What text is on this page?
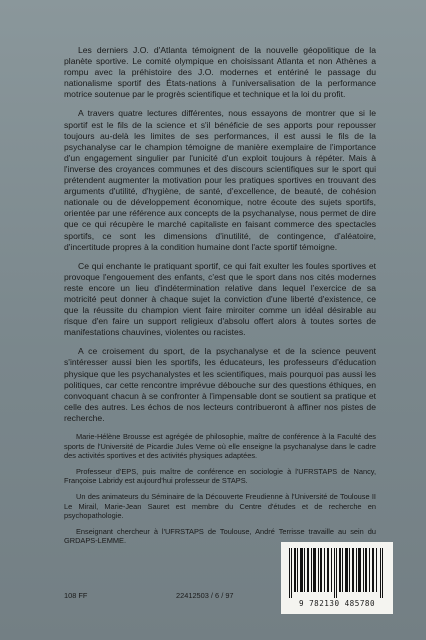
Les derniers J.O. d'Atlanta témoignent de la nouvelle géopolitique de la planète sportive. Le comité olympique en choisissant Atlanta et non Athènes a rompu avec la préhistoire des J.O. modernes et entériné le passage du nationalisme sportif des États-nations à l'universalisation de la performance motrice soutenue par le progrès scientifique et technique et la loi du profit.

A travers quatre lectures différentes, nous essayons de montrer que si le sportif est le fils de la science et s'il bénéficie de ses apports pour repousser toujours au-delà les limites de ses performances, il est aussi le fils de la psychanalyse car le champion témoigne de manière exemplaire de l'importance d'un engagement singulier par l'unicité d'un exploit toujours à répéter. Mais à l'inverse des croyances communes et des discours scientifiques sur le sport qui prétendent augmenter la motivation pour les pratiques sportives en trouvant des arguments d'utilité, d'hygiène, de santé, d'excellence, de beauté, de cohésion nationale ou de développement économique, notre écoute des sujets sportifs, orientée par une référence aux concepts de la psychanalyse, nous permet de dire que ce qui récupère le marché capitaliste en faisant commerce des spectacles sportifs, ce sont les dimensions d'inutilité, de contingence, d'aléatoire, d'incertitude propres à la condition humaine dont l'acte sportif témoigne.

Ce qui enchante le pratiquant sportif, ce qui fait exulter les foules sportives et provoque l'engouement des enfants, c'est que le sport dans nos cités modernes reste encore un lieu d'indétermination relative dans lequel l'exercice de sa motricité peut donner à chaque sujet la conviction d'une liberté d'existence, ce que la réussite du champion vient faire miroiter comme un idéal désirable au risque d'en faire un support religieux d'absolu offert alors à toutes sortes de manifestations chauvines, violentes ou racistes.

A ce croisement du sport, de la psychanalyse et de la science peuvent s'intéresser aussi bien les sportifs, les éducateurs, les professeurs d'éducation physique que les psychanalystes et les scientifiques, mais pourquoi pas aussi les politiques, car cette rencontre imprévue débouche sur des questions éthiques, en convoquant chacun à se confronter à l'impensable dont se soutient sa pratique et celle des autres. Les échos de nos lecteurs contribueront à affiner nos pistes de recherche.

Marie-Hélène Brousse est agrégée de philosophie, maître de conférence à la Faculté des sports de l'Université de Picardie Jules Verne où elle enseigne la psychanalyse dans le cadre des activités sportives et des activités physiques adaptées.

Professeur d'EPS, puis maître de conférence en sociologie à l'UFRSTAPS de Nancy, Françoise Labridy est aujourd'hui professeur de STAPS.

Un des animateurs du Séminaire de la Découverte Freudienne à l'Université de Toulouse II Le Mirail, Marie-Jean Sauret est membre du Centre d'études et de recherche en psychopathologie.

Enseignant chercheur à l'UFRSTAPS de Toulouse, André Terrisse travaille au sein du GRDAPS-LEMME.

108 FF	22412503 / 6 / 97
9 782130 485780
